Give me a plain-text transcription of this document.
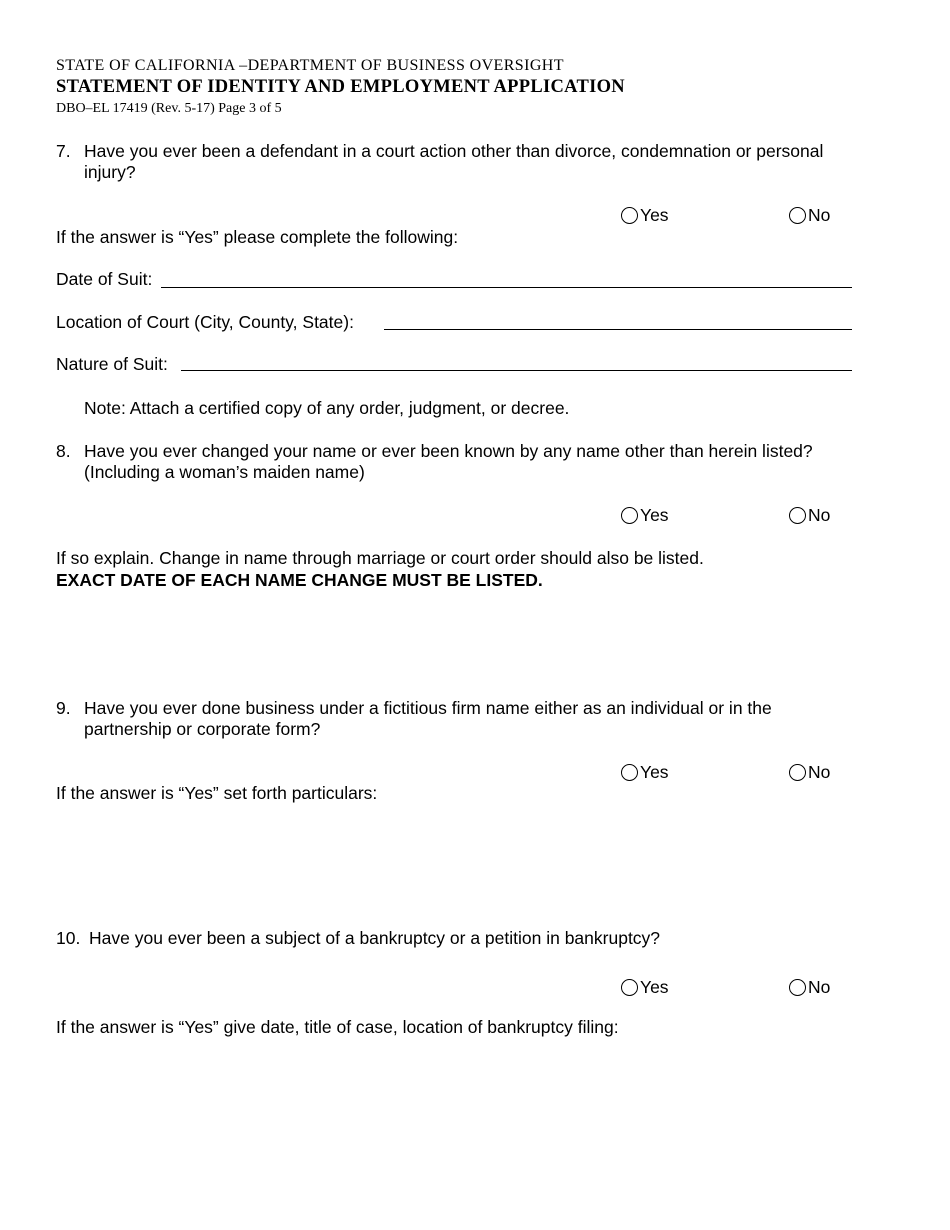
STATE OF CALIFORNIA –DEPARTMENT OF BUSINESS OVERSIGHT
STATEMENT OF IDENTITY AND EMPLOYMENT APPLICATION
DBO–EL 17419 (Rev. 5-17) Page 3 of 5
7. Have you ever been a defendant in a court action other than divorce, condemnation or personal
injury?
Yes	No
If the answer is “Yes” please complete the following:
Date of Suit:
Location of Court (City, County, State):
Nature of Suit:
Note: Attach a certified copy of any order, judgment, or decree.
8. Have you ever changed your name or ever been known by any name other than herein listed?
(Including a woman’s maiden name)
Yes	No
If so explain. Change in name through marriage or court order should also be listed.
EXACT DATE OF EACH NAME CHANGE MUST BE LISTED.
9. Have you ever done business under a fictitious firm name either as an individual or in the
partnership or corporate form?
Yes	No
If the answer is “Yes” set forth particulars:
10. Have you ever been a subject of a bankruptcy or a petition in bankruptcy?
Yes	No
If the answer is “Yes” give date, title of case, location of bankruptcy filing:
